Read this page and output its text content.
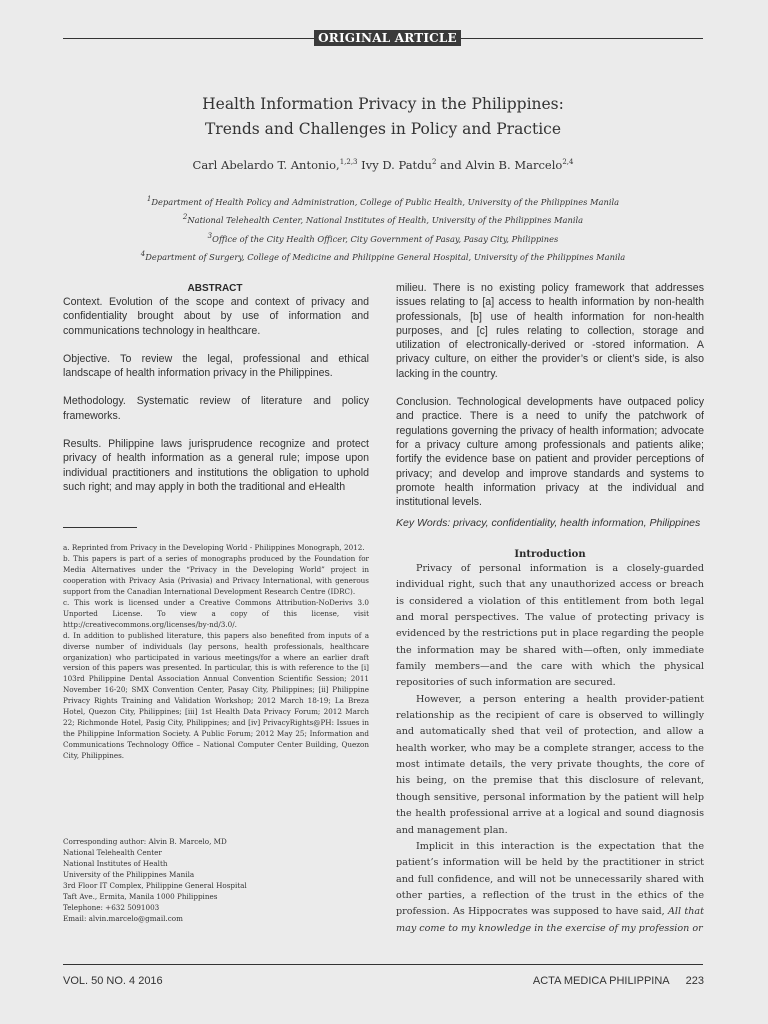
ORIGINAL ARTICLE
Health Information Privacy in the Philippines:
Trends and Challenges in Policy and Practice
Carl Abelardo T. Antonio,$^{1,2,3}$ Ivy D. Patdu$^2$ and Alvin B. Marcelo$^{2,4}$
$^1$Department of Health Policy and Administration, College of Public Health, University of the Philippines Manila
$^2$National Telehealth Center, National Institutes of Health, University of the Philippines Manila
$^3$Office of the City Health Officer, City Government of Pasay, Pasay City, Philippines
$^4$Department of Surgery, College of Medicine and Philippine General Hospital, University of the Philippines Manila
ABSTRACT

Context. Evolution of the scope and context of privacy and confidentiality brought about by use of information and communications technology in healthcare.

Objective. To review the legal, professional and ethical landscape of health information privacy in the Philippines.

Methodology. Systematic review of literature and policy frameworks.

Results. Philippine laws jurisprudence recognize and protect privacy of health information as a general rule; impose upon individual practitioners and institutions the obligation to uphold such right; and may apply in both the traditional and eHealth

milieu. There is no existing policy framework that addresses issues relating to [a] access to health information by non-health professionals, [b] use of health information for non-health purposes, and [c] rules relating to collection, storage and utilization of electronically-derived or -stored information. A privacy culture, on either the provider’s or client’s side, is also lacking in the country.

Conclusion. Technological developments have outpaced policy and practice. There is a need to unify the patchwork of regulations governing the privacy of health information; advocate for a privacy culture among professionals and patients alike; fortify the evidence base on patient and provider perceptions of privacy; and develop and improve standards and systems to promote health information privacy at the individual and institutional levels.

Key Words: privacy, confidentiality, health information, Philippines

a. Reprinted from Privacy in the Developing World - Philippines Monograph, 2012.

b. This papers is part of a series of monographs produced by the Foundation for Media Alternatives under the “Privacy in the Developing World” project in cooperation with Privacy Asia (Privasia) and Privacy International, with generous support from the Canadian International Development Research Centre (IDRC).

c. This work is licensed under a Creative Commons Attribution-NoDerivs 3.0 Unported License. To view a copy of this license, visit http://creativecommons.org/licenses/by-nd/3.0/.

d. In addition to published literature, this papers also benefited from inputs of a diverse number of individuals (lay persons, health professionals, healthcare organization) who participated in various meetings/for a where an earlier draft version of this papers was presented. In particular, this is with reference to the [i] 103rd Philippine Dental Association Annual Convention Scientific Session; 2011 November 16-20; SMX Convention Center, Pasay City, Philippines; [ii] Philippine Privacy Rights Training and Validation Workshop; 2012 March 18-19; La Breza Hotel, Quezon City, Philippines; [iii] 1st Health Data Privacy Forum; 2012 March 22; Richmonde Hotel, Pasig City, Philippines; and [iv] PrivacyRights@PH: Issues in the Philippine Information Society. A Public Forum; 2012 May 25; Information and Communications Technology Office – National Computer Center Building, Quezon City, Philippines.

Corresponding author: Alvin B. Marcelo, MD
National Telehealth Center
National Institutes of Health
University of the Philippines Manila
3rd Floor IT Complex, Philippine General Hospital
Taft Ave., Ermita, Manila 1000 Philippines
Telephone: +632 5091003
Email: alvin.marcelo@gmail.com
Introduction

Privacy of personal information is a closely-guarded individual right, such that any unauthorized access or breach is considered a violation of this entitlement from both legal and moral perspectives. The value of protecting privacy is evidenced by the restrictions put in place regarding the people the information may be shared with—often, only immediate family members—and the care with which the physical repositories of such information are secured.

However, a person entering a health provider-patient relationship as the recipient of care is observed to willingly and automatically shed that veil of protection, and allow a health worker, who may be a complete stranger, access to the most intimate details, the very private thoughts, the core of his being, on the premise that this disclosure of relevant, though sensitive, personal information by the patient will help the health professional arrive at a logical and sound diagnosis and management plan.

Implicit in this interaction is the expectation that the patient’s information will be held by the practitioner in strict and full confidence, and will not be unnecessarily shared with other parties, a reflection of the trust in the ethics of the profession. As Hippocrates was supposed to have said, All that may come to my knowledge in the exercise of my profession or

VOL. 50 NO. 4 2016	ACTA MEDICA PHILIPPINA 223
